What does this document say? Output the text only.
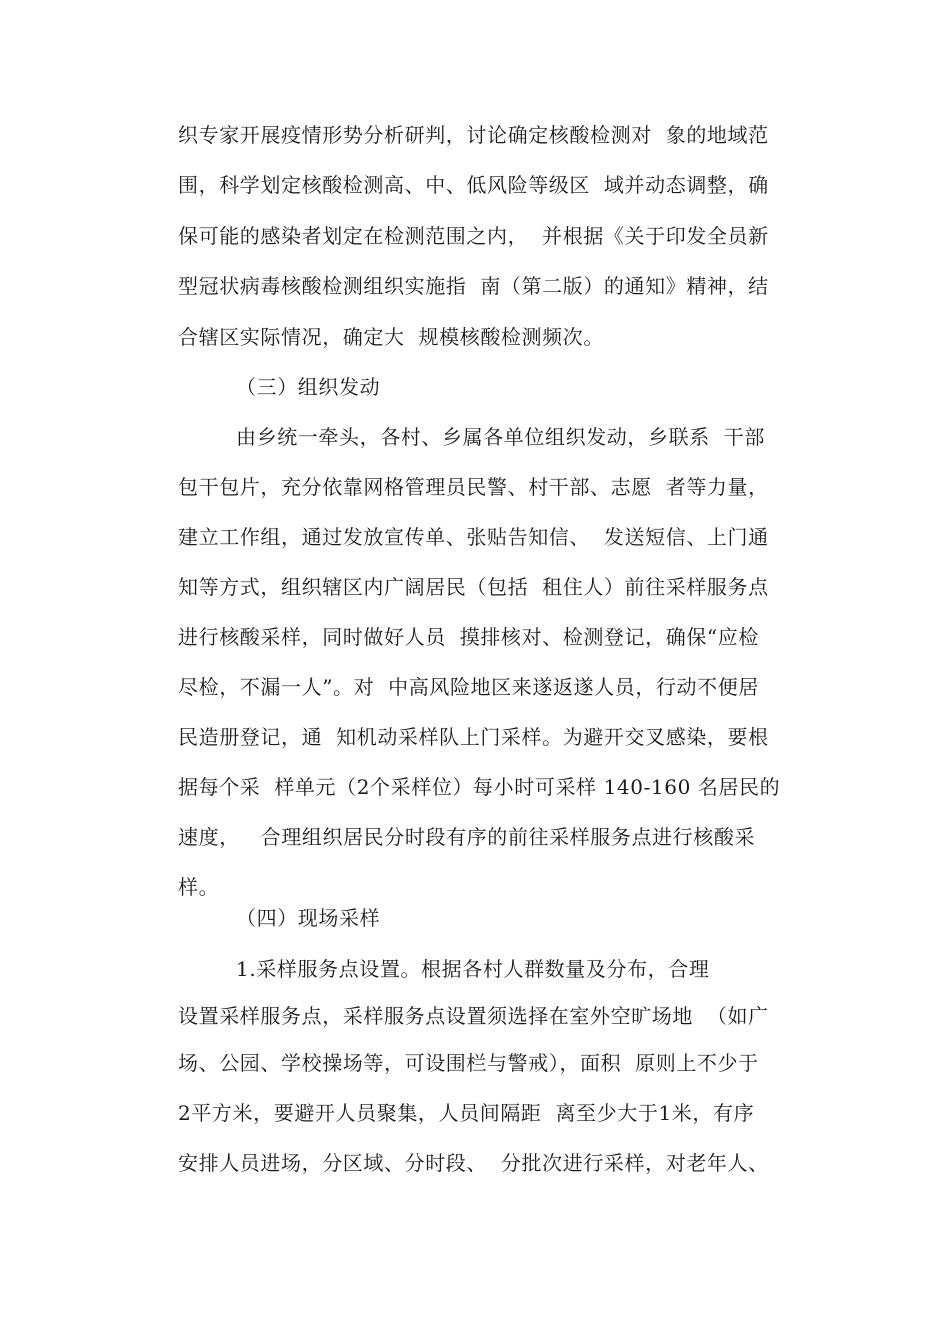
织专家开展疫情形势分析研判，讨论确定核酸检测对  象的地域范
围，科学划定核酸检测高、中、低风险等级区  域并动态调整，确
保可能的感染者划定在检测范围之内，  并根据《关于印发全员新
型冠状病毒核酸检测组织实施指  南（第二版）的通知》精神，结
合辖区实际情况，确定大  规模核酸检测频次。
（三）组织发动
由乡统一牵头，各村、乡属各单位组织发动，乡联系  干部
包干包片，充分依靠网格管理员民警、村干部、志愿  者等力量，
建立工作组，通过发放宣传单、张贴告知信、  发送短信、上门通
知等方式，组织辖区内广阔居民（包括  租住人）前往采样服务点
进行核酸采样，同时做好人员  摸排核对、检测登记，确保“应检
尽检，不漏一人”。对  中高风险地区来遂返遂人员，行动不便居
民造册登记，通  知机动采样队上门采样。为避开交叉感染，要根
据每个采  样单元（2个采样位）每小时可采样 140-160 名居民的
速度，   合理组织居民分时段有序的前往采样服务点进行核酸采
样。
（四）现场采样
1.采样服务点设置。根据各村人群数量及分布，合理
设置采样服务点，采样服务点设置须选择在室外空旷场地  （如广
场、公园、学校操场等，可设围栏与警戒），面积  原则上不少于
2平方米，要避开人员聚集，人员间隔距  离至少大于1米，有序
安排人员进场，分区域、分时段、  分批次进行采样，对老年人、
